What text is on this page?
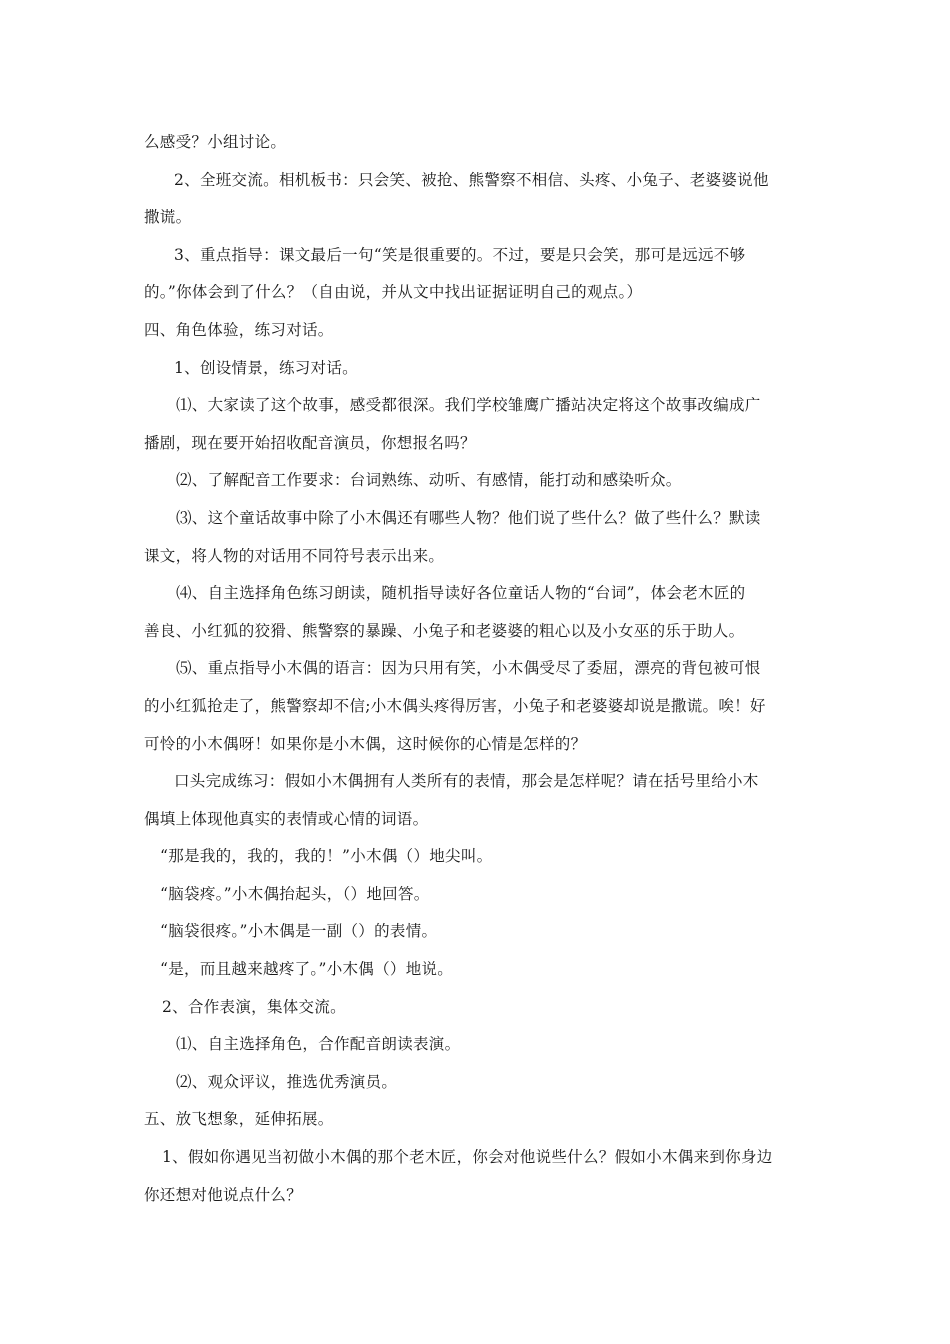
么感受？小组讨论。
2、全班交流。相机板书：只会笑、被抢、熊警察不相信、头疼、小兔子、老婆婆说他
撒谎。
3、重点指导：课文最后一句“笑是很重要的。不过，要是只会笑，那可是远远不够
的。”你体会到了什么？（自由说，并从文中找出证据证明自己的观点。）
四、角色体验，练习对话。
1、创设情景，练习对话。
⑴、大家读了这个故事，感受都很深。我们学校雏鹰广播站决定将这个故事改编成广
播剧，现在要开始招收配音演员，你想报名吗？
⑵、了解配音工作要求：台词熟练、动听、有感情，能打动和感染听众。
⑶、这个童话故事中除了小木偶还有哪些人物？他们说了些什么？做了些什么？默读
课文，将人物的对话用不同符号表示出来。
⑷、自主选择角色练习朗读，随机指导读好各位童话人物的“台词”，体会老木匠的
善良、小红狐的狡猾、熊警察的暴躁、小兔子和老婆婆的粗心以及小女巫的乐于助人。
⑸、重点指导小木偶的语言：因为只用有笑，小木偶受尽了委屈，漂亮的背包被可恨
的小红狐抢走了，熊警察却不信;小木偶头疼得厉害，小兔子和老婆婆却说是撒谎。唉！好
可怜的小木偶呀！如果你是小木偶，这时候你的心情是怎样的？
口头完成练习：假如小木偶拥有人类所有的表情，那会是怎样呢？请在括号里给小木
偶填上体现他真实的表情或心情的词语。
“那是我的，我的，我的！”小木偶（）地尖叫。
“脑袋疼。”小木偶抬起头，（）地回答。
“脑袋很疼。”小木偶是一副（）的表情。
“是，而且越来越疼了。”小木偶（）地说。
2、合作表演，集体交流。
⑴、自主选择角色，合作配音朗读表演。
⑵、观众评议，推选优秀演员。
五、放飞想象，延伸拓展。
1、假如你遇见当初做小木偶的那个老木匠，你会对他说些什么？假如小木偶来到你身边
你还想对他说点什么？
